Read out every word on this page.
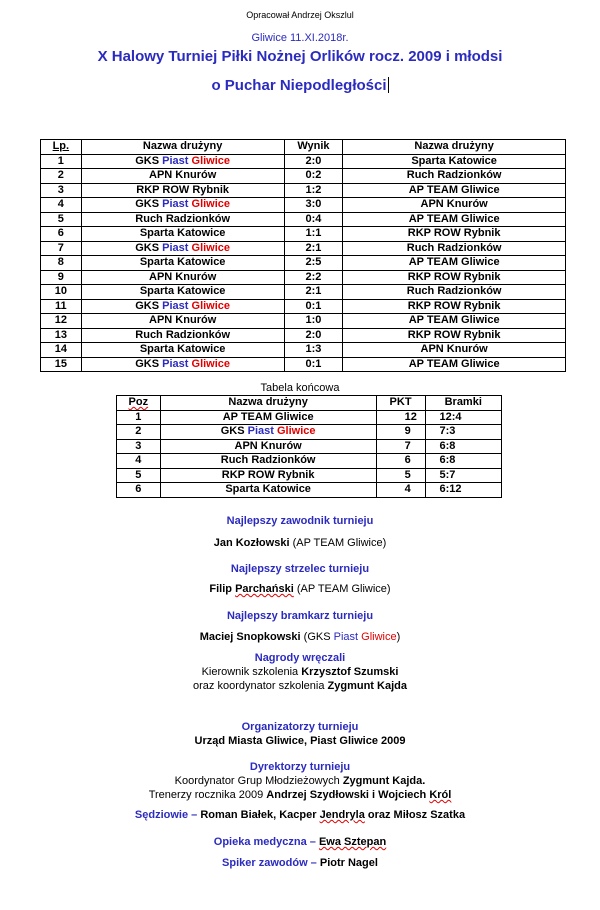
Opracował Andrzej Okszlul
Gliwice 11.XI.2018r.
X Halowy Turniej Piłki Nożnej Orlików rocz. 2009 i młodsi
o Puchar Niepodległości
Lp.	Nazwa drużyny	Wynik	Nazwa drużyny
1	GKS Piast Gliwice	2:0	Sparta Katowice
2	APN Knurów	0:2	Ruch Radzionków
3	RKP ROW Rybnik	1:2	AP TEAM Gliwice
4	GKS Piast Gliwice	3:0	APN Knurów
5	Ruch Radzionków	0:4	AP TEAM Gliwice
6	Sparta Katowice	1:1	RKP ROW Rybnik
7	GKS Piast Gliwice	2:1	Ruch Radzionków
8	Sparta Katowice	2:5	AP TEAM Gliwice
9	APN Knurów	2:2	RKP ROW Rybnik
10	Sparta Katowice	2:1	Ruch Radzionków
11	GKS Piast Gliwice	0:1	RKP ROW Rybnik
12	APN Knurów	1:0	AP TEAM Gliwice
13	Ruch Radzionków	2:0	RKP ROW Rybnik
14	Sparta Katowice	1:3	APN Knurów
15	GKS Piast Gliwice	0:1	AP TEAM Gliwice
Tabela końcowa
Poz	Nazwa drużyny	PKT	Bramki
1	AP TEAM Gliwice	12	12:4
2	GKS Piast Gliwice	9	7:3
3	APN Knurów	7	6:8
4	Ruch Radzionków	6	6:8
5	RKP ROW Rybnik	5	5:7
6	Sparta Katowice	4	6:12
Najlepszy zawodnik turnieju
Jan Kozłowski (AP TEAM Gliwice)
Najlepszy strzelec turnieju
Filip Parchański (AP TEAM Gliwice)
Najlepszy bramkarz turnieju
Maciej Snopkowski (GKS Piast Gliwice)
Nagrody wręczali
Kierownik szkolenia Krzysztof Szumski
oraz koordynator szkolenia Zygmunt Kajda
Organizatorzy turnieju
Urząd Miasta Gliwice, Piast Gliwice 2009
Dyrektorzy turnieju
Koordynator Grup Młodzieżowych Zygmunt Kajda.
Trenerzy rocznika 2009 Andrzej Szydłowski i Wojciech Król
Sędziowie – Roman Białek, Kacper Jendryla oraz Miłosz Szatka
Opieka medyczna – Ewa Sztepan
Spiker zawodów – Piotr Nagel
